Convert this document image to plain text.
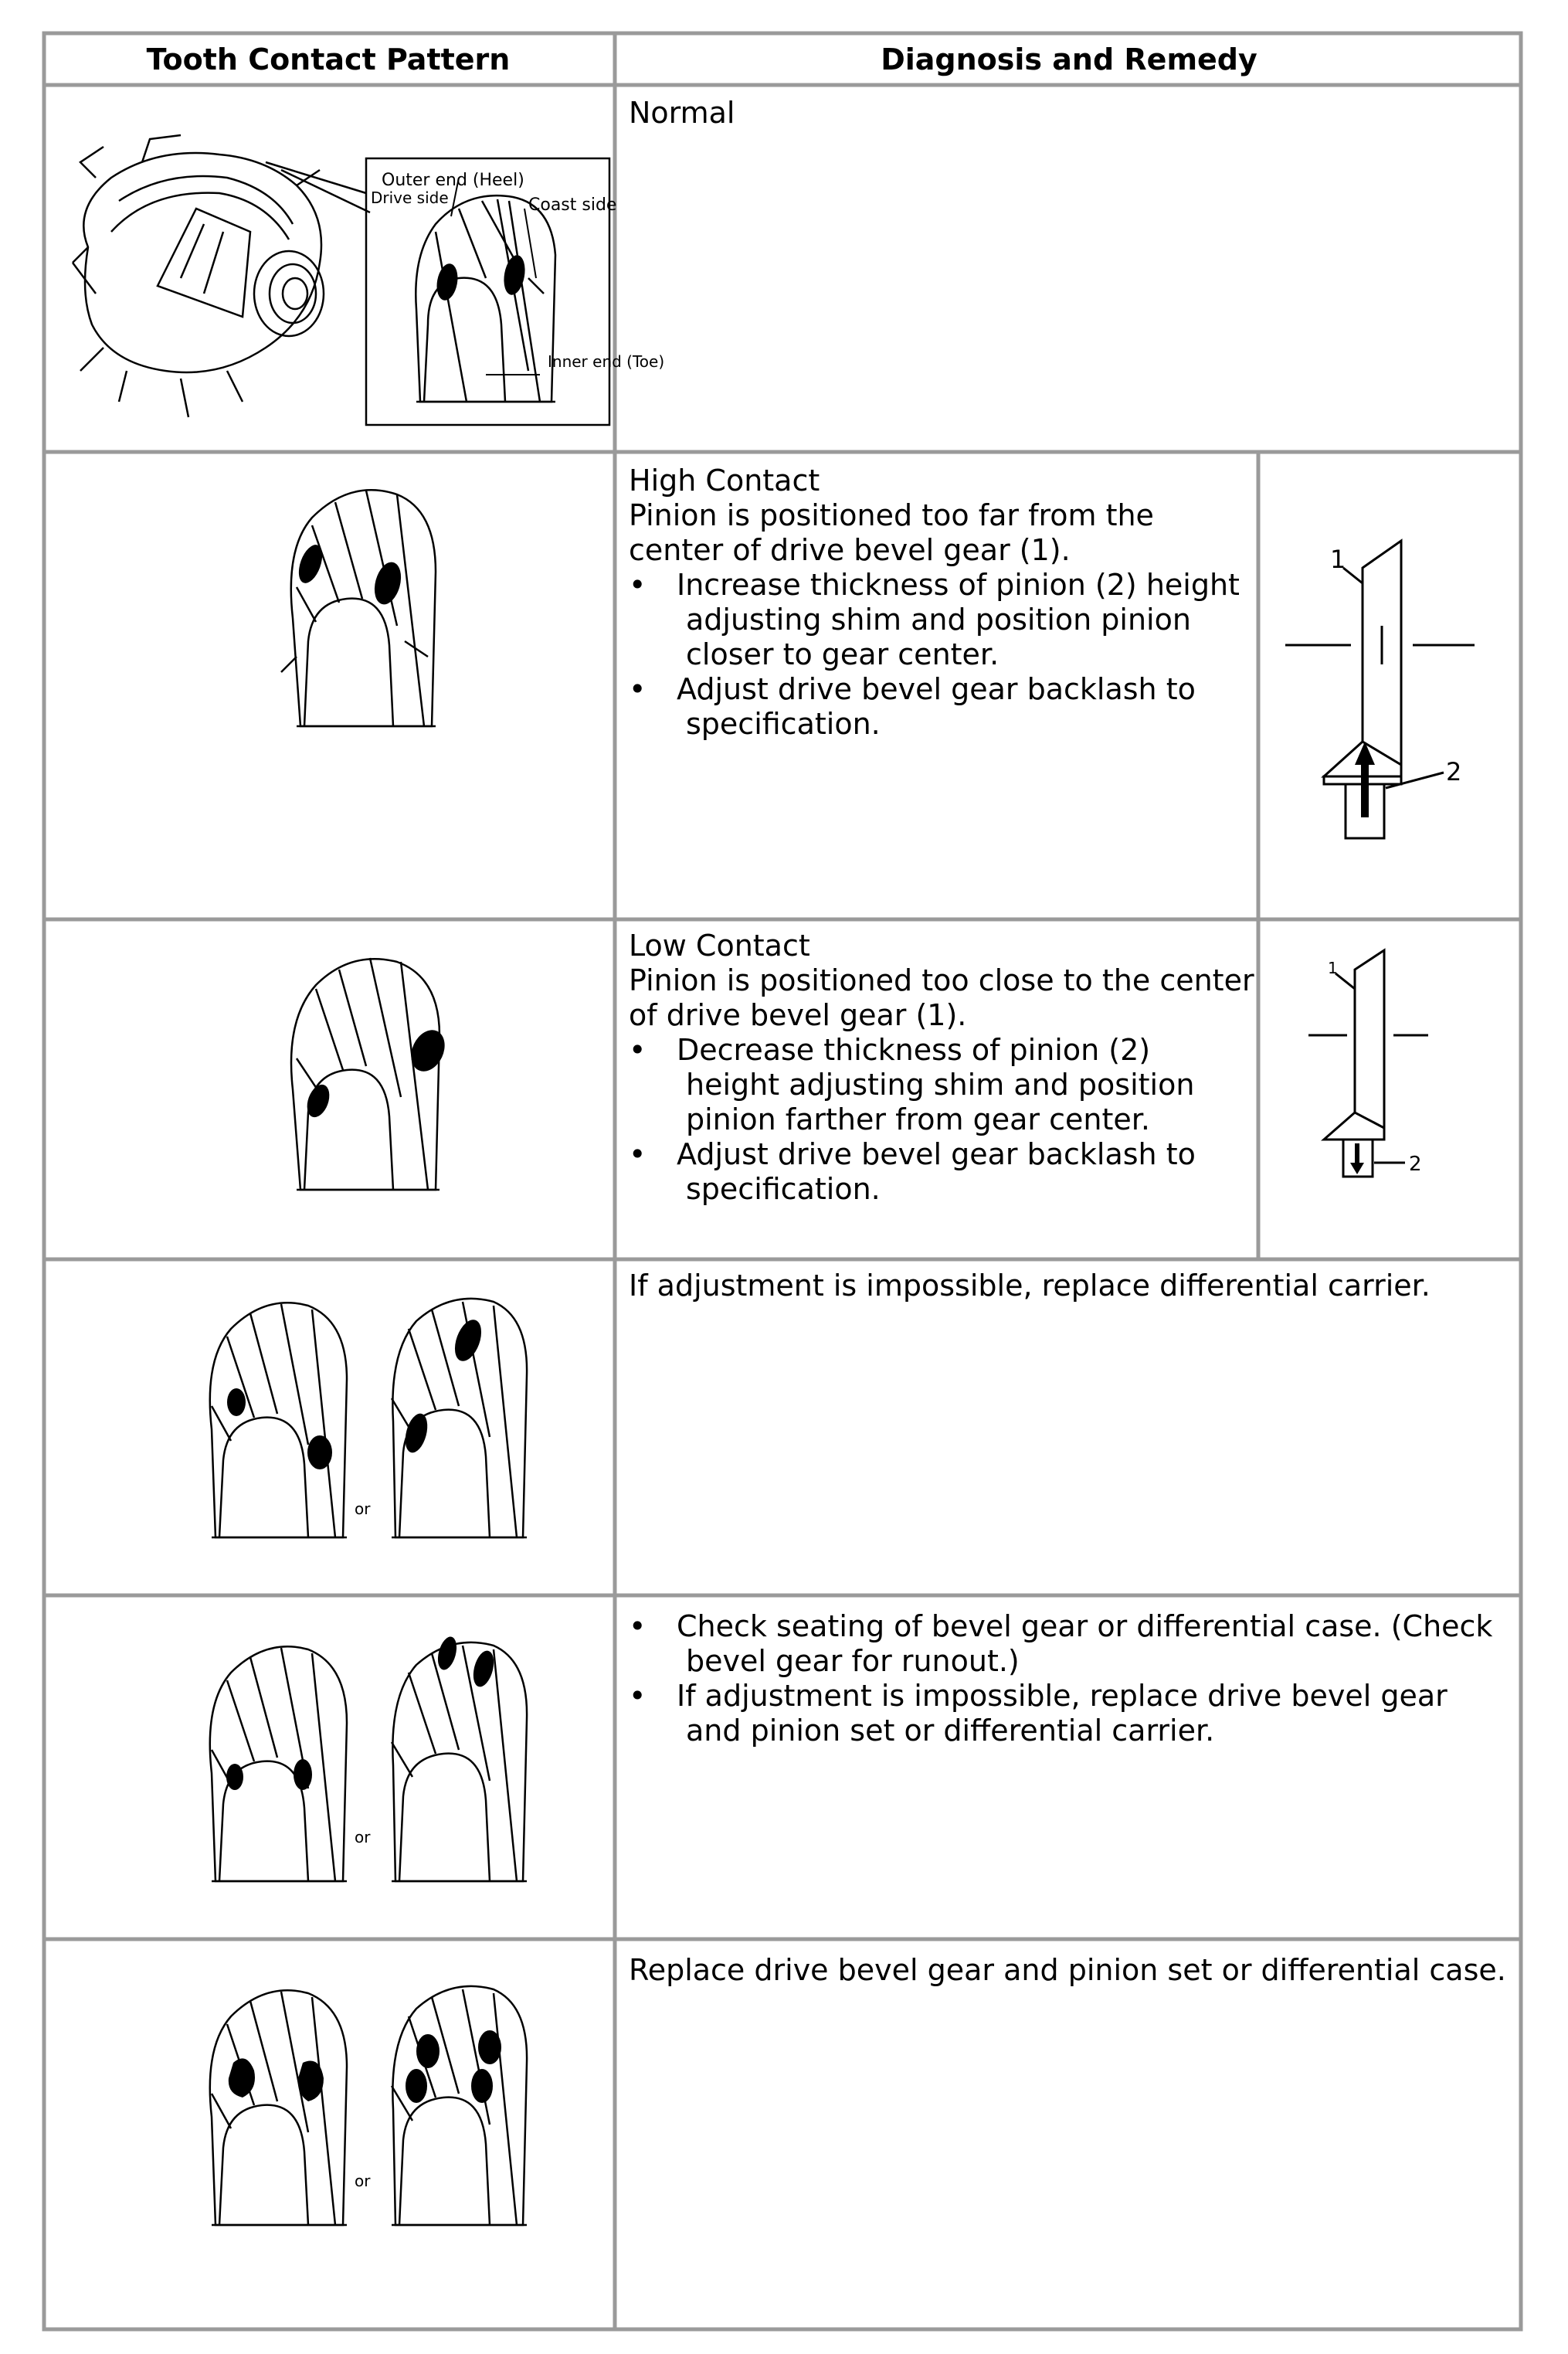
Tooth Contact Pattern	Diagnosis and Remedy
Outer end (Heel)
Drive side	Coast side
Inner end (Toe)
Normal
High Contact
Pinion is positioned too far from the
center of drive bevel gear (1).
• Increase thickness of pinion (2) height
adjusting shim and position pinion
closer to gear center.
• Adjust drive bevel gear backlash to
specification.
1
2
Low Contact
Pinion is positioned too close to the center
of drive bevel gear (1).
• Decrease thickness of pinion (2)
height adjusting shim and position
pinion farther from gear center.
• Adjust drive bevel gear backlash to
specification.
1
2
or
If adjustment is impossible, replace differential carrier.
or
• Check seating of bevel gear or differential case. (Check
bevel gear for runout.)
• If adjustment is impossible, replace drive bevel gear
and pinion set or differential carrier.
or
Replace drive bevel gear and pinion set or differential case.
